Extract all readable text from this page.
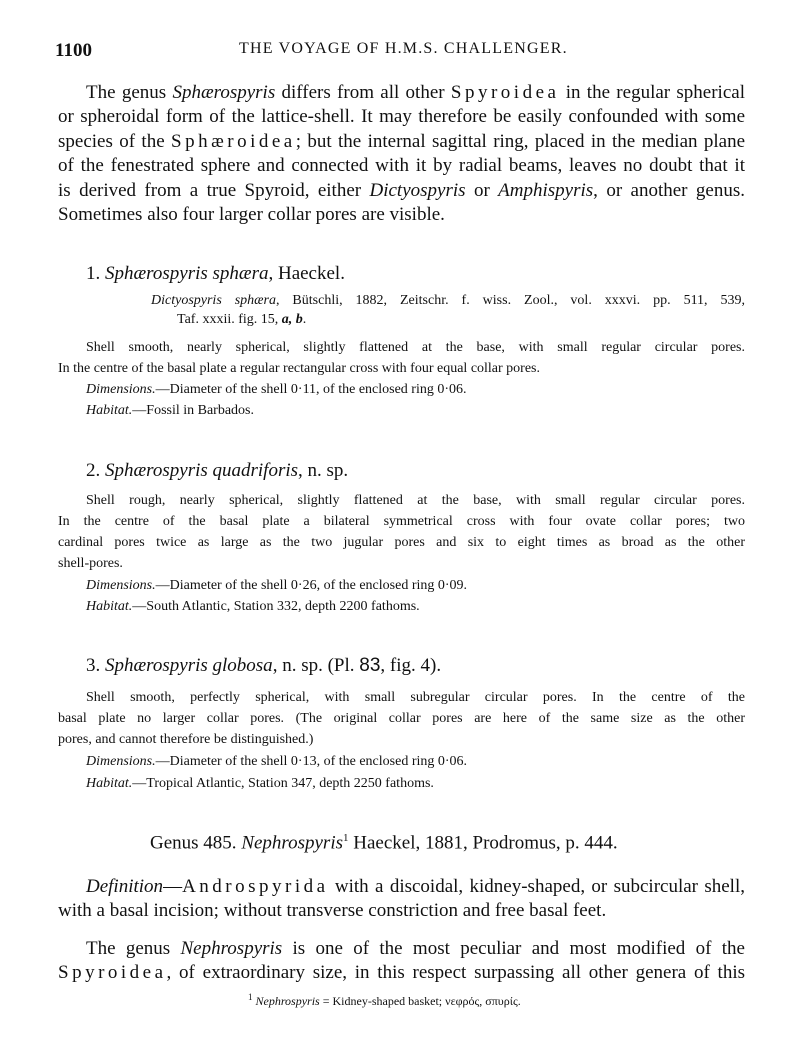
1100	THE VOYAGE OF H.M.S. CHALLENGER.
The genus Sphærospyris differs from all other Spyroidea in the regular spherical
or spheroidal form of the lattice-shell. It may therefore be easily confounded with some
species of the Sphæroidea; but the internal sagittal ring, placed in the median plane
of the fenestrated sphere and connected with it by radial beams, leaves no doubt that it
is derived from a true Spyroid, either Dictyospyris or Amphispyris, or another genus.
Sometimes also four larger collar pores are visible.
1. Sphærospyris sphæra, Haeckel.
Dictyospyris sphæra, Bütschli, 1882, Zeitschr. f. wiss. Zool., vol. xxxvi. pp. 511, 539,
Taf. xxxii. fig. 15, a, b.
Shell smooth, nearly spherical, slightly flattened at the base, with small regular circular pores.
In the centre of the basal plate a regular rectangular cross with four equal collar pores.
Dimensions.—Diameter of the shell 0·11, of the enclosed ring 0·06.
Habitat.—Fossil in Barbados.
2. Sphærospyris quadriforis, n. sp.
Shell rough, nearly spherical, slightly flattened at the base, with small regular circular pores.
In the centre of the basal plate a bilateral symmetrical cross with four ovate collar pores; two
cardinal pores twice as large as the two jugular pores and six to eight times as broad as the other
shell-pores.
Dimensions.—Diameter of the shell 0·26, of the enclosed ring 0·09.
Habitat.—South Atlantic, Station 332, depth 2200 fathoms.
3. Sphærospyris globosa, n. sp. (Pl. 83, fig. 4).
Shell smooth, perfectly spherical, with small subregular circular pores. In the centre of the
basal plate no larger collar pores. (The original collar pores are here of the same size as the other
pores, and cannot therefore be distinguished.)
Dimensions.—Diameter of the shell 0·13, of the enclosed ring 0·06.
Habitat.—Tropical Atlantic, Station 347, depth 2250 fathoms.
Genus 485. Nephrospyris$^1$ Haeckel, 1881, Prodromus, p. 444.
Definition—Androspyrida with a discoidal, kidney-shaped, or subcircular shell,
with a basal incision; without transverse constriction and free basal feet.
The genus Nephrospyris is one of the most peculiar and most modified of the
Spyroidea, of extraordinary size, in this respect surpassing all other genera of this
$^1$ Nephrospyris = Kidney-shaped basket; νεφρός, σπυρίς.
